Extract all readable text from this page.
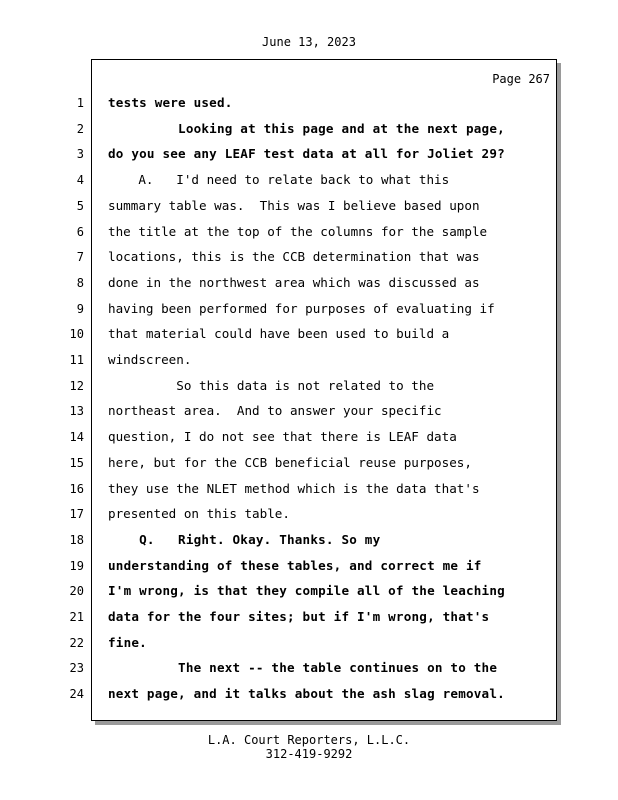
June 13, 2023
Page 267
1 tests were used.
2 Looking at this page and at the next page,
3 do you see any LEAF test data at all for Joliet 29?
4 A.   I'd need to relate back to what this
5 summary table was.  This was I believe based upon
6 the title at the top of the columns for the sample
7 locations, this is the CCB determination that was
8 done in the northwest area which was discussed as
9 having been performed for purposes of evaluating if
10 that material could have been used to build a
11 windscreen.
12 So this data is not related to the
13 northeast area.  And to answer your specific
14 question, I do not see that there is LEAF data
15 here, but for the CCB beneficial reuse purposes,
16 they use the NLET method which is the data that's
17 presented on this table.
18 Q.   Right. Okay. Thanks. So my
19 understanding of these tables, and correct me if
20 I'm wrong, is that they compile all of the leaching
21 data for the four sites; but if I'm wrong, that's
22 fine.
23 The next -- the table continues on to the
24 next page, and it talks about the ash slag removal.
L.A. Court Reporters, L.L.C.
312-419-9292
